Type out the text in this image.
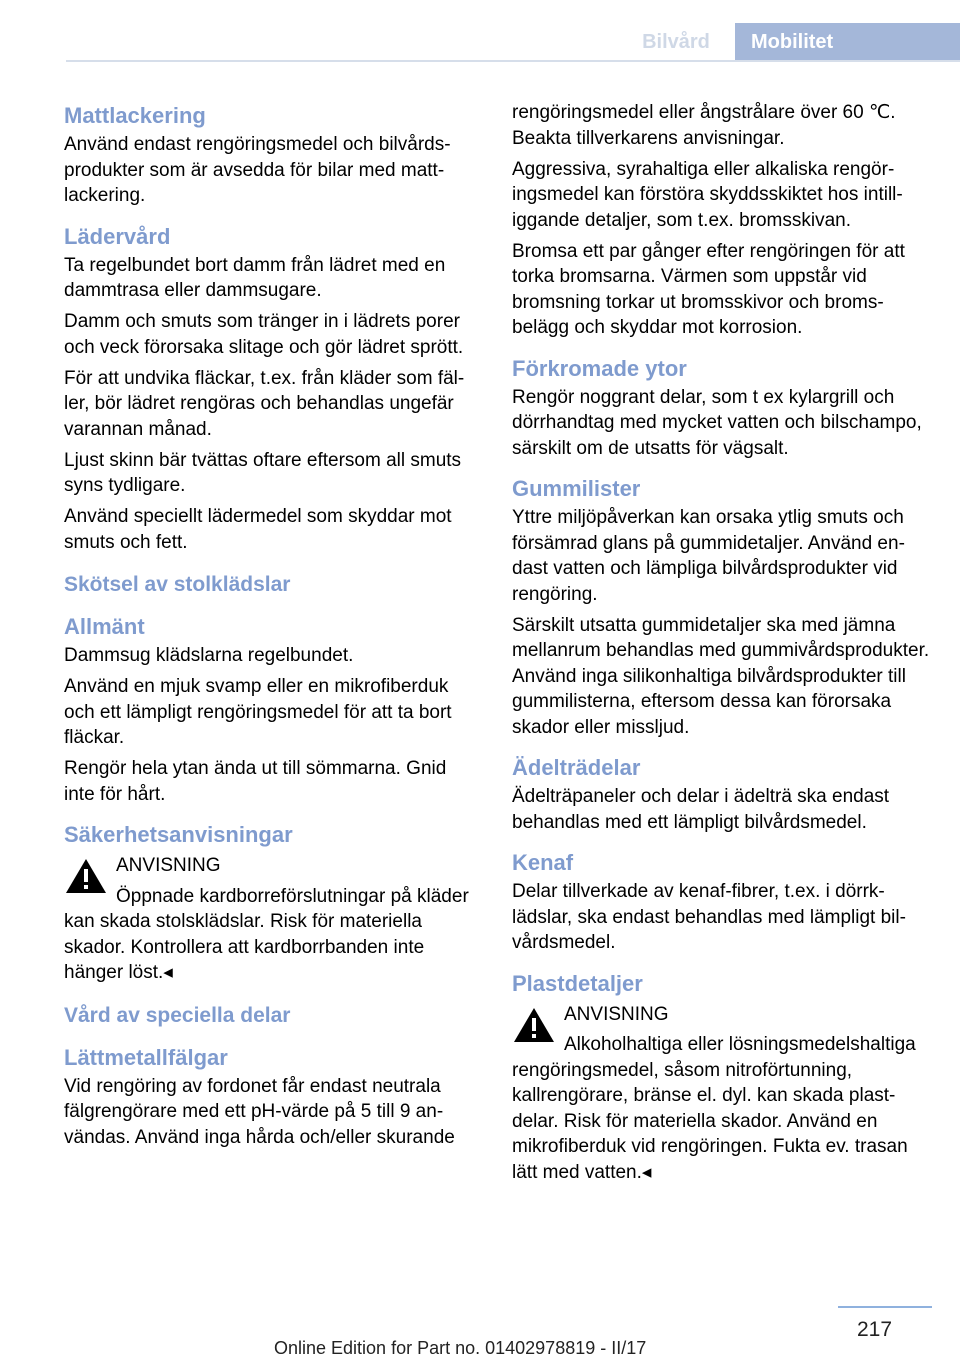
Bilvård	Mobilitet
Mattlackering

Använd endast rengöringsmedel och bilvårdsprodukter som är avsedda för bilar med mattlackering.

Lädervård

Ta regelbundet bort damm från lädret med en dammtrasa eller dammsugare.

Damm och smuts som tränger in i lädrets porer och veck förorsaka slitage och gör lädret sprött.

För att undvika fläckar, t.ex. från kläder som fäller, bör lädret rengöras och behandlas ungefär varannan månad.

Ljust skinn bär tvättas oftare eftersom all smuts syns tydligare.

Använd speciellt lädermedel som skyddar mot smuts och fett.

Skötsel av stolklädslar
Allmänt

Dammsug klädslarna regelbundet.

Använd en mjuk svamp eller en mikrofiberduk och ett lämpligt rengöringsmedel för att ta bort fläckar.

Rengör hela ytan ända ut till sömmarna. Gnid inte för hårt.

Säkerhetsanvisningar
ANVISNING

Öppnade kardborreförslutningar på kläder kan skada stolsklädslar. Risk för materiella skador. Kontrollera att kardborrbanden inte hänger löst.◂

Vård av speciella delar
Lättmetallfälgar

Vid rengöring av fordonet får endast neutrala fälgrengörare med ett pH-värde på 5 till 9 användas. Använd inga hårda och/eller skurande

rengöringsmedel eller ångstrålare över 60 ℃. Beakta tillverkarens anvisningar.

Aggressiva, syrahaltiga eller alkaliska rengöringsmedel kan förstöra skyddsskiktet hos intilliggande detaljer, som t.ex. bromsskivan.

Bromsa ett par gånger efter rengöringen för att torka bromsarna. Värmen som uppstår vid bromsning torkar ut bromsskivor och bromsbelägg och skyddar mot korrosion.

Förkromade ytor

Rengör noggrant delar, som t ex kylargrill och dörrhandtag med mycket vatten och bilschampo, särskilt om de utsatts för vägsalt.

Gummilister

Yttre miljöpåverkan kan orsaka ytlig smuts och försämrad glans på gummidetaljer. Använd endast vatten och lämpliga bilvårdsprodukter vid rengöring.

Särskilt utsatta gummidetaljer ska med jämna mellanrum behandlas med gummivårdsprodukter. Använd inga silikonhaltiga bilvårdsprodukter till gummilisterna, eftersom dessa kan förorsaka skador eller missljud.

Ädelträdelar

Ädelträpaneler och delar i ädelträ ska endast behandlas med ett lämpligt bilvårdsmedel.

Kenaf

Delar tillverkade av kenaf-fibrer, t.ex. i dörrklädslar, ska endast behandlas med lämpligt bilvårdsmedel.

Plastdetaljer
ANVISNING

Alkoholhaltiga eller lösningsmedelshaltiga rengöringsmedel, såsom nitroförtunning, kallrengörare, bränse el. dyl. kan skada plastdelar. Risk för materiella skador. Använd en mikrofiberduk vid rengöringen. Fukta ev. trasan lätt med vatten.◂

217
Online Edition for Part no. 01402978819 - II/17
